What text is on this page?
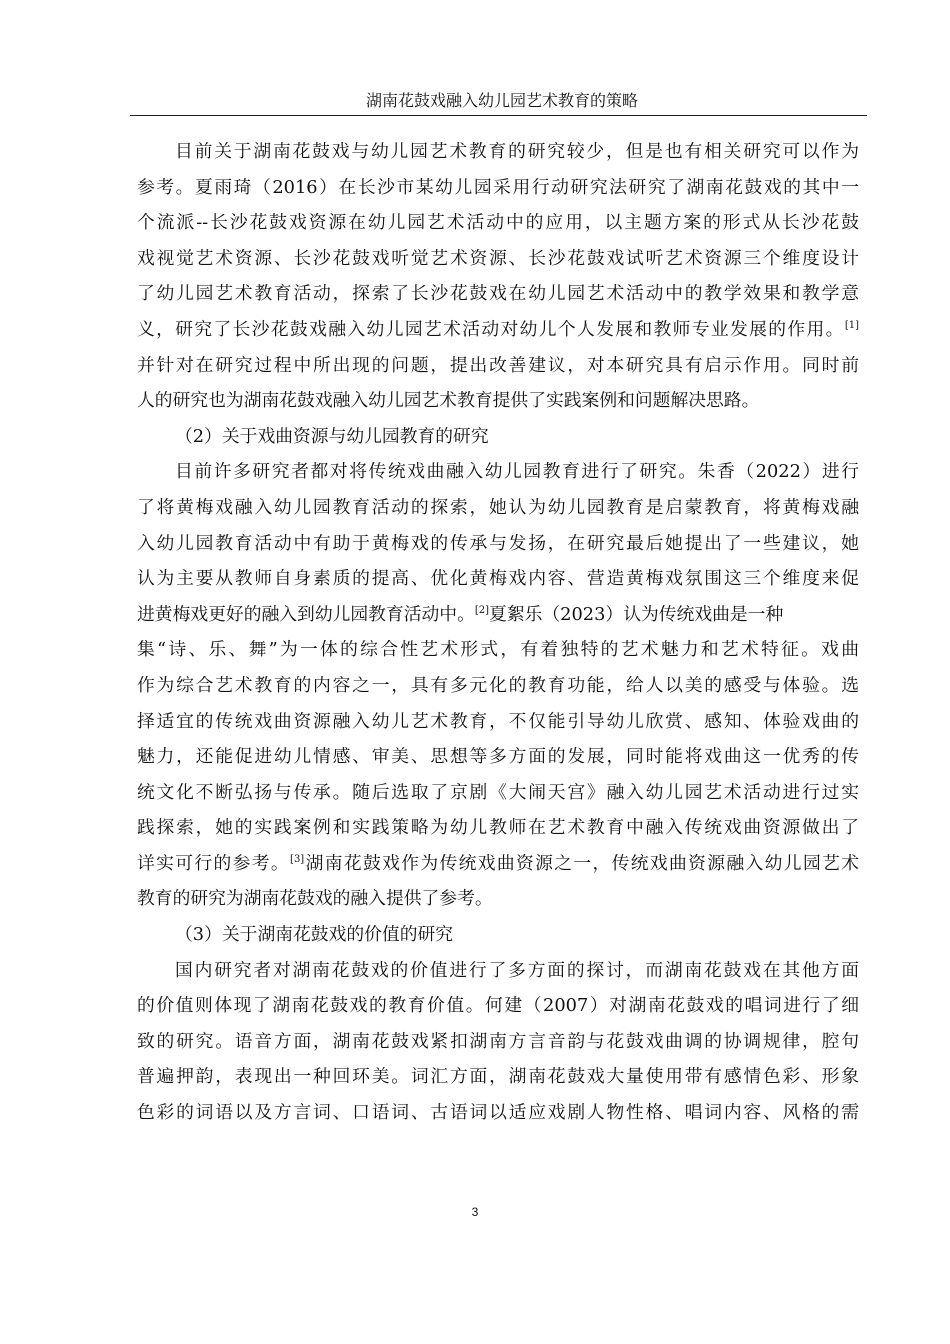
湖南花鼓戏融入幼儿园艺术教育的策略
目前关于湖南花鼓戏与幼儿园艺术教育的研究较少，但是也有相关研究可以作为
参考。夏雨琦（2016）在长沙市某幼儿园采用行动研究法研究了湖南花鼓戏的其中一
个流派--长沙花鼓戏资源在幼儿园艺术活动中的应用，以主题方案的形式从长沙花鼓
戏视觉艺术资源、长沙花鼓戏听觉艺术资源、长沙花鼓戏试听艺术资源三个维度设计
了幼儿园艺术教育活动，探索了长沙花鼓戏在幼儿园艺术活动中的教学效果和教学意
义，研究了长沙花鼓戏融入幼儿园艺术活动对幼儿个人发展和教师专业发展的作用。[1]
并针对在研究过程中所出现的问题，提出改善建议，对本研究具有启示作用。同时前
人的研究也为湖南花鼓戏融入幼儿园艺术教育提供了实践案例和问题解决思路。
（2）关于戏曲资源与幼儿园教育的研究
目前许多研究者都对将传统戏曲融入幼儿园教育进行了研究。朱香（2022）进行
了将黄梅戏融入幼儿园教育活动的探索，她认为幼儿园教育是启蒙教育，将黄梅戏融
入幼儿园教育活动中有助于黄梅戏的传承与发扬，在研究最后她提出了一些建议，她
认为主要从教师自身素质的提高、优化黄梅戏内容、营造黄梅戏氛围这三个维度来促
进黄梅戏更好的融入到幼儿园教育活动中。[2]夏絮乐（2023）认为传统戏曲是一种
集“诗、乐、舞”为一体的综合性艺术形式，有着独特的艺术魅力和艺术特征。戏曲
作为综合艺术教育的内容之一，具有多元化的教育功能，给人以美的感受与体验。选
择适宜的传统戏曲资源融入幼儿艺术教育，不仅能引导幼儿欣赏、感知、体验戏曲的
魅力，还能促进幼儿情感、审美、思想等多方面的发展，同时能将戏曲这一优秀的传
统文化不断弘扬与传承。随后选取了京剧《大闹天宫》融入幼儿园艺术活动进行过实
践探索，她的实践案例和实践策略为幼儿教师在艺术教育中融入传统戏曲资源做出了
详实可行的参考。[3]湖南花鼓戏作为传统戏曲资源之一，传统戏曲资源融入幼儿园艺术
教育的研究为湖南花鼓戏的融入提供了参考。
（3）关于湖南花鼓戏的价值的研究
国内研究者对湖南花鼓戏的价值进行了多方面的探讨，而湖南花鼓戏在其他方面
的价值则体现了湖南花鼓戏的教育价值。何建（2007）对湖南花鼓戏的唱词进行了细
致的研究。语音方面，湖南花鼓戏紧扣湖南方言音韵与花鼓戏曲调的协调规律，腔句
普遍押韵，表现出一种回环美。词汇方面，湖南花鼓戏大量使用带有感情色彩、形象
色彩的词语以及方言词、口语词、古语词以适应戏剧人物性格、唱词内容、风格的需
3
